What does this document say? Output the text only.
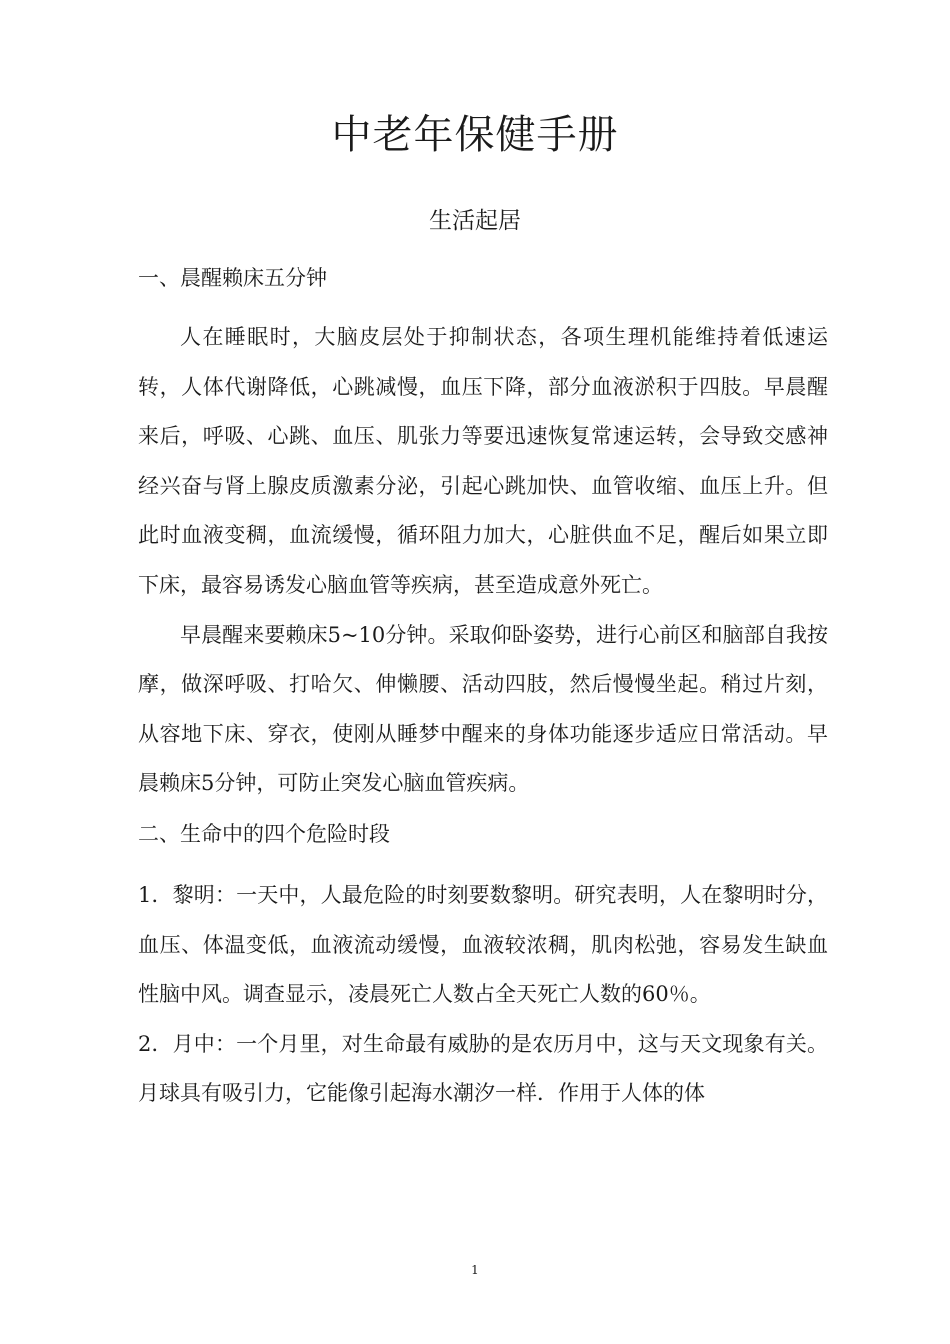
中老年保健手册
生活起居

一、晨醒赖床五分钟

人在睡眠时，大脑皮层处于抑制状态，各项生理机能维持着低速运转，人体代谢降低，心跳减慢，血压下降，部分血液淤积于四肢。早晨醒来后，呼吸、心跳、血压、肌张力等要迅速恢复常速运转，会导致交感神经兴奋与肾上腺皮质激素分泌，引起心跳加快、血管收缩、血压上升。但此时血液变稠，血流缓慢，循环阻力加大，心脏供血不足，醒后如果立即下床，最容易诱发心脑血管等疾病，甚至造成意外死亡。

早晨醒来要赖床5~10分钟。采取仰卧姿势，进行心前区和脑部自我按摩，做深呼吸、打哈欠、伸懒腰、活动四肢，然后慢慢坐起。稍过片刻，从容地下床、穿衣，使刚从睡梦中醒来的身体功能逐步适应日常活动。早晨赖床5分钟，可防止突发心脑血管疾病。

二、生命中的四个危险时段

1．黎明：一天中，人最危险的时刻要数黎明。研究表明，人在黎明时分，血压、体温变低，血液流动缓慢，血液较浓稠，肌肉松弛，容易发生缺血性脑中风。调查显示，凌晨死亡人数占全天死亡人数的60％。

2．月中：一个月里，对生命最有威胁的是农历月中，这与天文现象有关。月球具有吸引力，它能像引起海水潮汐一样．作用于人体的体

1
